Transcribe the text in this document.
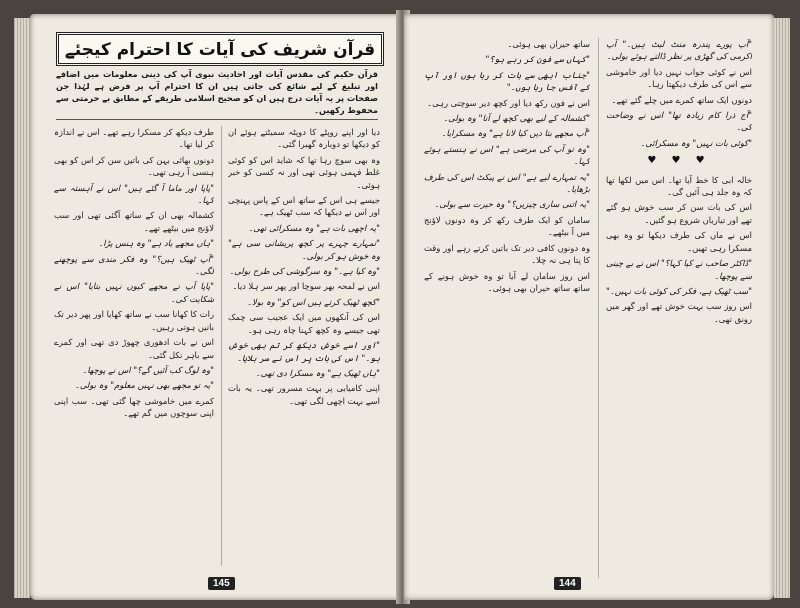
قرآن شریف کی آیات کا احترام کیجئے
قرآن حکیم کی مقدس آیات اور احادیث نبوی آپ کی دینی معلومات میں اضافے اور تبلیغ کے لیے شائع کی جاتی ہیں ان کا احترام آپ پر فرض ہے لہٰذا جن صفحات پر یہ آیات درج ہیں ان کو صحیح اسلامی طریقے کے مطابق بے حرمتی سے محفوظ رکھیں۔

دیا اور اپنے روپٹے کا دوپٹہ سمیٹتے ہوئے ان کو دیکھا تو دوبارہ گھبرا گئی۔

وہ بھی سوچ رہا تھا کہ شاید اس کو کوئی غلط فہمی ہوئی تھی اور نہ کسی کو خبر ہوئی۔

جیسے ہی اس کے ساتھ اس کے پاس پہنچی اور اس نے دیکھا کہ سب ٹھیک ہے۔

"یہ اچھی بات ہے" وہ مسکرائی تھی۔

"تمہارے چہرے پر کچھ پریشانی سی ہے" وہ خوش ہو کر بولی۔

"وہ کیا ہے۔" وہ سرگوشی کی طرح بولی۔

اس نے لمحہ بھر سوچا اور پھر سر ہلا دیا۔

"کچھ ٹھیک کرتے ہیں اس کو" وہ بولا۔

اس کی آنکھوں میں ایک عجیب سی چمک تھی جیسے وہ کچھ کہنا چاہ رہی ہو۔

"اور اسے خوش دیکھ کر تم بھی خوش ہو۔" اس کی بات پر اس نے سر ہلایا۔

"ہاں ٹھیک ہے" وہ مسکرا دی تھی۔

اپنی کامیابی پر بہت مسرور تھی۔ یہ بات اسے بہت اچھی لگی تھی۔

طرف دیکھ کر مسکرا رہے تھے۔ اس نے اندازہ کر لیا تھا۔

دونوں بھائی بہن کی باتیں سن کر اس کو بھی ہنسی آ رہی تھی۔

"پاپا اور ماما آ گئے ہیں" اس نے آہستہ سے کہا۔

کشمالہ بھی ان کے ساتھ آگئی تھی اور سب لاؤنج میں بیٹھے تھے۔

"ہاں مجھے یاد ہے" وہ ہنس پڑا۔

"آپ ٹھیک ہیں؟" وہ فکر مندی سے پوچھنے لگی۔

"پاپا آپ نے مجھے کیوں نہیں بتایا" اس نے شکایت کی۔

رات کا کھانا سب نے ساتھ کھایا اور پھر دیر تک باتیں ہوتی رہیں۔

اس نے بات ادھوری چھوڑ دی تھی اور کمرے سے باہر نکل گئی۔

"وہ لوگ کب آئیں گے؟" اس نے پوچھا۔

"یہ تو مجھے بھی نہیں معلوم" وہ بولی۔

کمرے میں خاموشی چھا گئی تھی۔ سب اپنی اپنی سوچوں میں گم تھے۔

145

"آپ پورے پندرہ منٹ لیٹ ہیں۔" آپ اکرمی کی گھڑی پر نظر ڈالتے ہوئے بولی۔

اس نے کوئی جواب نہیں دیا اور خاموشی سے اس کی طرف دیکھتا رہا۔

دونوں ایک ساتھ کمرے میں چلے گئے تھے۔

"آج ذرا کام زیادہ تھا" اس نے وضاحت کی۔

"کوئی بات نہیں" وہ مسکرائی۔

♥ ♥ ♥

خالہ ابی کا خط آیا تھا۔ اس میں لکھا تھا کہ وہ جلد ہی آئیں گی۔

اس کی بات سن کر سب خوش ہو گئے تھے اور تیاریاں شروع ہو گئیں۔

اس نے ماں کی طرف دیکھا تو وہ بھی مسکرا رہی تھیں۔

"ڈاکٹر صاحب نے کیا کہا؟" اس نے بے چینی سے پوچھا۔

"سب ٹھیک ہے، فکر کی کوئی بات نہیں۔"

اس روز سب بہت خوش تھے اور گھر میں رونق تھی۔

ساتھ حیران بھی ہوئی۔

"کہاں سے فون کر رہے ہو؟"

"جناب ابھی سے بات کر رہا ہوں اور آپ کے آفس جا رہا ہوں۔"

اس نے فون رکھ دیا اور کچھ دیر سوچتی رہی۔

"کشمالہ کے لیے بھی کچھ لے آنا" وہ بولی۔

"آپ مجھے بتا دیں کیا لانا ہے" وہ مسکرایا۔

"وہ تو آپ کی مرضی ہے" اس نے ہنستے ہوئے کہا۔

"یہ تمہارے لیے ہے" اس نے پیکٹ اس کی طرف بڑھایا۔

"یہ اتنی ساری چیزیں؟" وہ حیرت سے بولی۔

سامان کو ایک طرف رکھ کر وہ دونوں لاؤنج میں آ بیٹھے۔

وہ دونوں کافی دیر تک باتیں کرتے رہے اور وقت کا پتا ہی نہ چلا۔

اس روز سامان لے آیا تو وہ خوش ہونے کے ساتھ ساتھ حیران بھی ہوئی۔

144
